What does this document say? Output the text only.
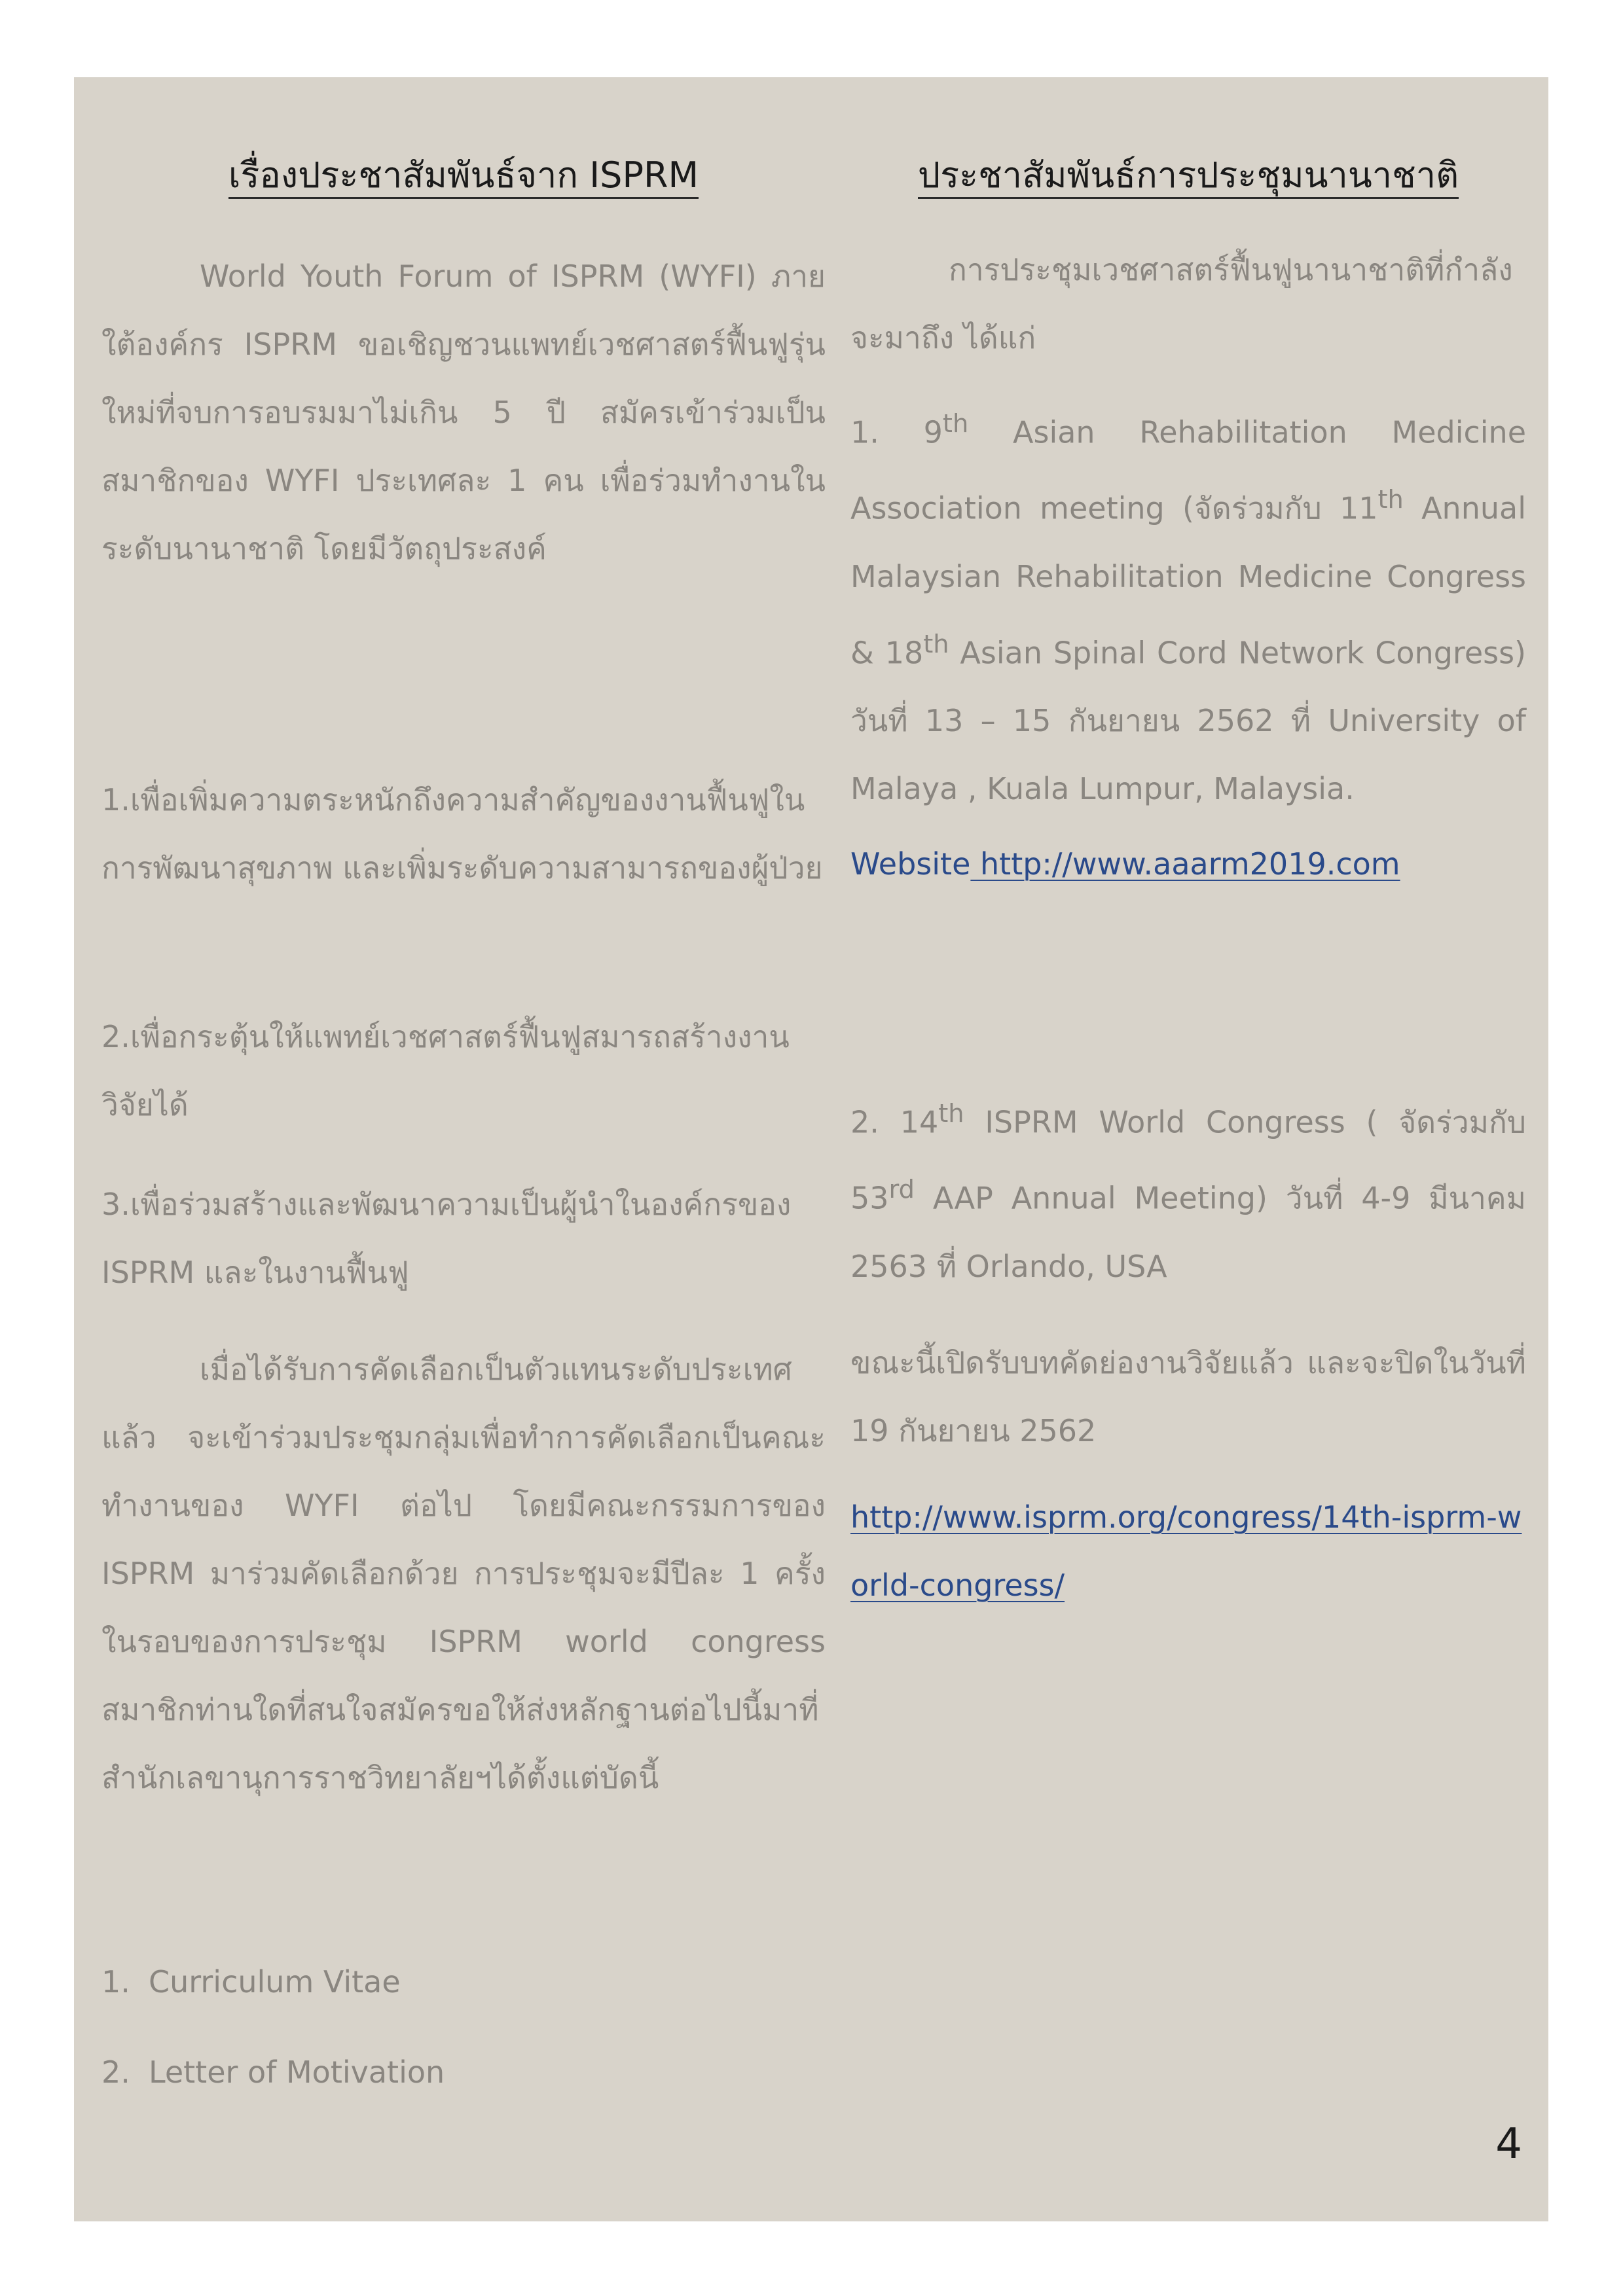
เรื่องประชาสัมพันธ์จาก ISPRM

World Youth Forum of ISPRM (WYFI) ภายใต้องค์กร ISPRM ขอเชิญชวนแพทย์เวชศาสตร์ฟื้นฟูรุ่นใหม่ที่จบการอบรมมาไม่เกิน 5 ปี สมัครเข้าร่วมเป็นสมาชิกของ WYFI ประเทศละ 1 คน เพื่อร่วมทำงานในระดับนานาชาติ โดยมีวัตถุประสงค์

1.เพื่อเพิ่มความตระหนักถึงความสำคัญของงานฟื้นฟูในการพัฒนาสุขภาพ และเพิ่มระดับความสามารถของผู้ป่วย

2.เพื่อกระตุ้นให้แพทย์เวชศาสตร์ฟื้นฟูสมารถสร้างงานวิจัยได้

3.เพื่อร่วมสร้างและพัฒนาความเป็นผู้นำในองค์กรของ ISPRM และในงานฟื้นฟู

เมื่อได้รับการคัดเลือกเป็นตัวแทนระดับประเทศแล้ว จะเข้าร่วมประชุมกลุ่มเพื่อทำการคัดเลือกเป็นคณะทำงานของ WYFI ต่อไป โดยมีคณะกรรมการของ ISPRM มาร่วมคัดเลือกด้วย การประชุมจะมีปีละ 1 ครั้งในรอบของการประชุม ISPRM world congress สมาชิกท่านใดที่สนใจสมัครขอให้ส่งหลักฐานต่อไปนี้มาที่สำนักเลขานุการราชวิทยาลัยฯได้ตั้งแต่บัดนี้

1. Curriculum Vitae

2. Letter of Motivation

ประชาสัมพันธ์การประชุมนานาชาติ

การประชุมเวชศาสตร์ฟื้นฟูนานาชาติที่กำลังจะมาถึง ได้แก่

1. 9th Asian Rehabilitation Medicine Association meeting (จัดร่วมกับ 11th Annual Malaysian Rehabilitation Medicine Congress & 18th Asian Spinal Cord Network Congress) วันที่ 13 – 15 กันยายน 2562 ที่ University of Malaya , Kuala Lumpur, Malaysia.

Website http://www.aaarm2019.com

2. 14th ISPRM World Congress ( จัดร่วมกับ 53rd AAP Annual Meeting) วันที่ 4-9 มีนาคม 2563 ที่ Orlando, USA

ขณะนี้เปิดรับบทคัดย่องานวิจัยแล้ว และจะปิดในวันที่ 19 กันยายน 2562

http://www.isprm.org/congress/14th-isprm-world-congress/

4
